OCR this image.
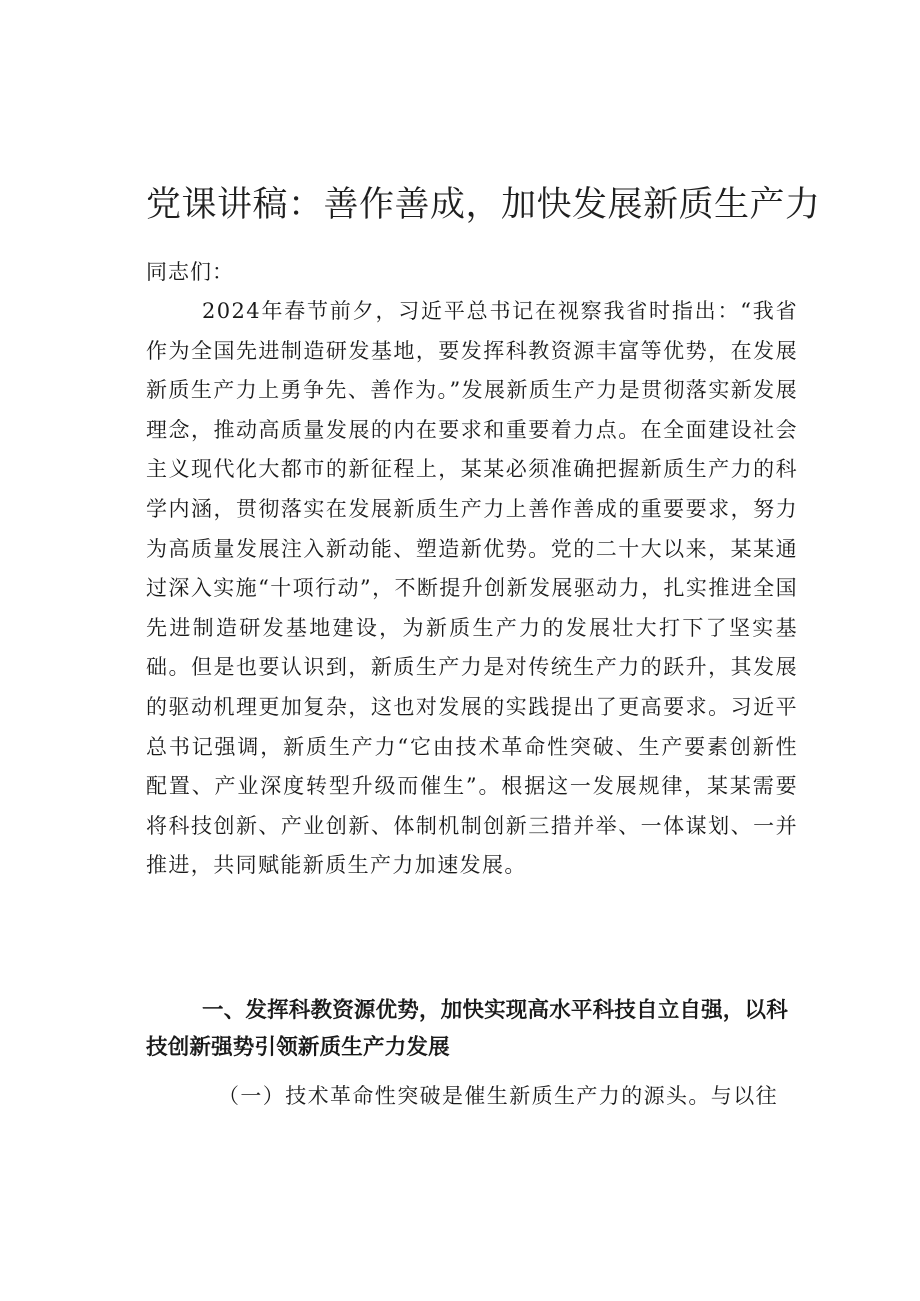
党课讲稿：善作善成，加快发展新质生产力
同志们：

2024年春节前夕，习近平总书记在视察我省时指出：“我省作为全国先进制造研发基地，要发挥科教资源丰富等优势，在发展新质生产力上勇争先、善作为。”发展新质生产力是贯彻落实新发展理念，推动高质量发展的内在要求和重要着力点。在全面建设社会主义现代化大都市的新征程上，某某必须准确把握新质生产力的科学内涵，贯彻落实在发展新质生产力上善作善成的重要要求，努力为高质量发展注入新动能、塑造新优势。党的二十大以来，某某通过深入实施“十项行动”，不断提升创新发展驱动力，扎实推进全国先进制造研发基地建设，为新质生产力的发展壮大打下了坚实基础。但是也要认识到，新质生产力是对传统生产力的跃升，其发展的驱动机理更加复杂，这也对发展的实践提出了更高要求。习近平总书记强调，新质生产力“它由技术革命性突破、生产要素创新性配置、产业深度转型升级而催生”。根据这一发展规律，某某需要将科技创新、产业创新、体制机制创新三措并举、一体谋划、一并推进，共同赋能新质生产力加速发展。

一、发挥科教资源优势，加快实现高水平科技自立自强，以科技创新强势引领新质生产力发展

（一）技术革命性突破是催生新质生产力的源头。与以往
